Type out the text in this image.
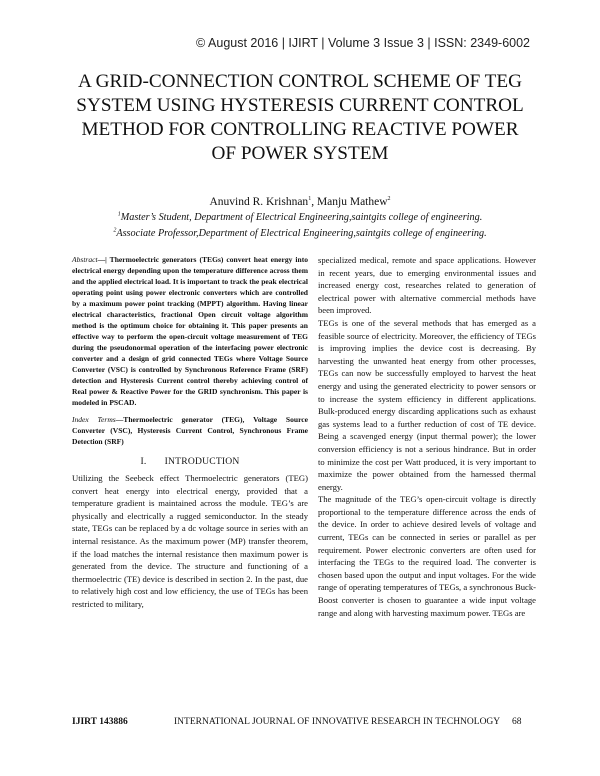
© August 2016 | IJIRT | Volume 3 Issue 3 | ISSN: 2349-6002
A GRID-CONNECTION CONTROL SCHEME OF TEG
SYSTEM USING HYSTERESIS CURRENT CONTROL
METHOD FOR CONTROLLING REACTIVE POWER
OF POWER SYSTEM
Anuvind R. Krishnan$^1$, Manju Mathew$^2$
$^1$Master’s Student, Department of Electrical Engineering,saintgits college of engineering.
$^2$Associate Professor,Department of Electrical Engineering,saintgits college of engineering.
Abstract—| Thermoelectric generators (TEGs) convert heat energy into electrical energy depending upon the temperature difference across them and the applied electrical load. It is important to track the peak electrical operating point using power electronic converters which are controlled by a maximum power point tracking (MPPT) algorithm. Having linear electrical characteristics, fractional Open circuit voltage algorithm method is the optimum choice for obtaining it. This paper presents an effective way to perform the open-circuit voltage measurement of TEG during the pseudonormal operation of the interfacing power electronic converter and a design of grid connected TEGs where Voltage Source Converter (VSC) is controlled by Synchronous Reference Frame (SRF) detection and Hysteresis Current control thereby achieving control of Real power & Reactive Power for the GRID synchronism. This paper is modeled in PSCAD.
Index Terms—Thermoelectric generator (TEG), Voltage Source Converter (VSC), Hysteresis Current Control, Synchronous Frame Detection (SRF)
I. INTRODUCTION

Utilizing the Seebeck effect Thermoelectric generators (TEG) convert heat energy into electrical energy, provided that a temperature gradient is maintained across the module. TEG’s are physically and electrically a rugged semiconductor. In the steady state, TEGs can be replaced by a dc voltage source in series with an internal resistance. As the maximum power (MP) transfer theorem, if the load matches the internal resistance then maximum power is generated from the device. The structure and functioning of a thermoelectric (TE) device is described in section 2. In the past, due to relatively high cost and low efficiency, the use of TEGs has been restricted to military,

specialized medical, remote and space applications. However in recent years, due to emerging environmental issues and increased energy cost, researches related to generation of electrical power with alternative commercial methods have been improved.

TEGs is one of the several methods that has emerged as a feasible source of electricity. Moreover, the efficiency of TEGs is improving implies the device cost is decreasing. By harvesting the unwanted heat energy from other processes, TEGs can now be successfully employed to harvest the heat energy and using the generated electricity to power sensors or to increase the system efficiency in different applications. Bulk-produced energy discarding applications such as exhaust gas systems lead to a further reduction of cost of TE device. Being a scavenged energy (input thermal power); the lower conversion efficiency is not a serious hindrance. But in order to minimize the cost per Watt produced, it is very important to maximize the power obtained from the harnessed thermal energy.

The magnitude of the TEG’s open-circuit voltage is directly proportional to the temperature difference across the ends of the device. In order to achieve desired levels of voltage and current, TEGs can be connected in series or parallel as per requirement. Power electronic converters are often used for interfacing the TEGs to the required load. The converter is chosen based upon the output and input voltages. For the wide range of operating temperatures of TEGs, a synchronous Buck-Boost converter is chosen to guarantee a wide input voltage range and along with harvesting maximum power. TEGs are

IJIRT 143886	INTERNATIONAL JOURNAL OF INNOVATIVE RESEARCH IN TECHNOLOGY 68
